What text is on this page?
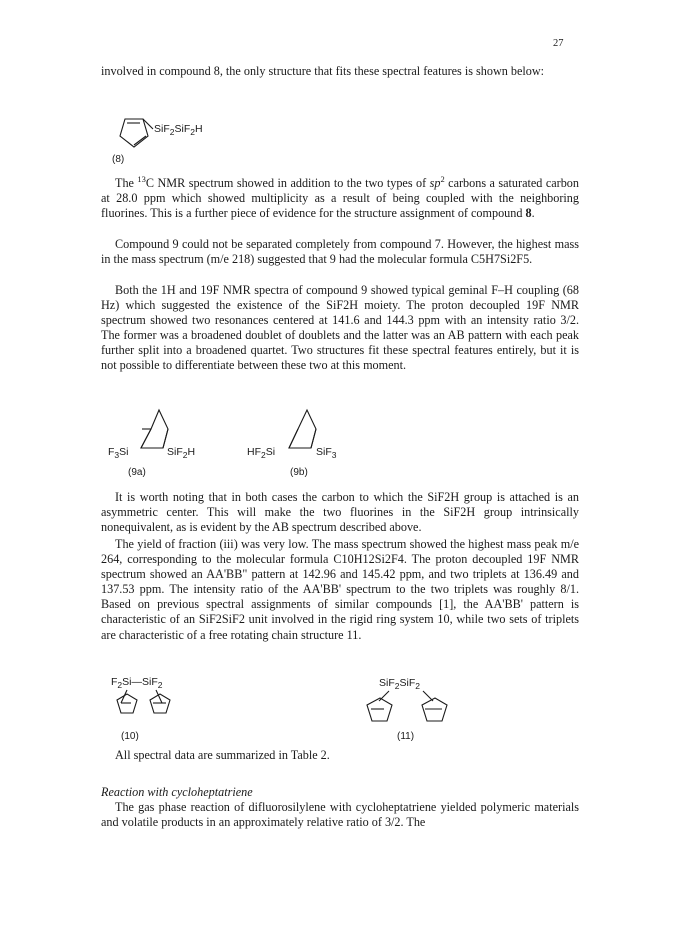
27

involved in compound 8, the only structure that fits these spectral features is shown below:

SiF$_2$SiF$_2$H
(8)

The $^{13}$C NMR spectrum showed in addition to the two types of $sp^2$ carbons a saturated carbon at 28.0 ppm which showed multiplicity as a result of being coupled with the neighboring fluorines. This is a further piece of evidence for the structure assignment of compound 8.

Compound 9 could not be separated completely from compound 7. However, the highest mass in the mass spectrum (m/e 218) suggested that 9 had the molecular formula C5H7Si2F5.

Both the 1H and 19F NMR spectra of compound 9 showed typical geminal F–H coupling (68 Hz) which suggested the existence of the SiF2H moiety. The proton decoupled 19F NMR spectrum showed two resonances centered at 141.6 and 144.3 ppm with an intensity ratio 3/2. The former was a broadened doublet of doublets and the latter was an AB pattern with each peak further split into a broadened quartet. Two structures fit these spectral features entirely, but it is not possible to differentiate between these two at this moment.

$F_3Si$	SiF$_2$H
(9a)
$HF_2Si$	SiF$_3$
(9b)

It is worth noting that in both cases the carbon to which the SiF2H group is attached is an asymmetric center. This will make the two fluorines in the SiF2H group intrinsically nonequivalent, as is evident by the AB spectrum described above.

The yield of fraction (iii) was very low. The mass spectrum showed the highest mass peak m/e 264, corresponding to the molecular formula C10H12Si2F4. The proton decoupled 19F NMR spectrum showed an AA'BB" pattern at 142.96 and 145.42 ppm, and two triplets at 136.49 and 137.53 ppm. The intensity ratio of the AA'BB' spectrum to the two triplets was roughly 8/1. Based on previous spectral assignments of similar compounds [1], the AA'BB' pattern is characteristic of an SiF2SiF2 unit involved in the rigid ring system 10, while two sets of triplets are characteristic of a free rotating chain structure 11.

$F_2Si—SiF_2$	SiF$_2$SiF$_2$
(10)	(11)

All spectral data are summarized in Table 2.

Reaction with cycloheptatriene

The gas phase reaction of difluorosilylene with cycloheptatriene yielded polymeric materials and volatile products in an approximately relative ratio of 3/2. The
